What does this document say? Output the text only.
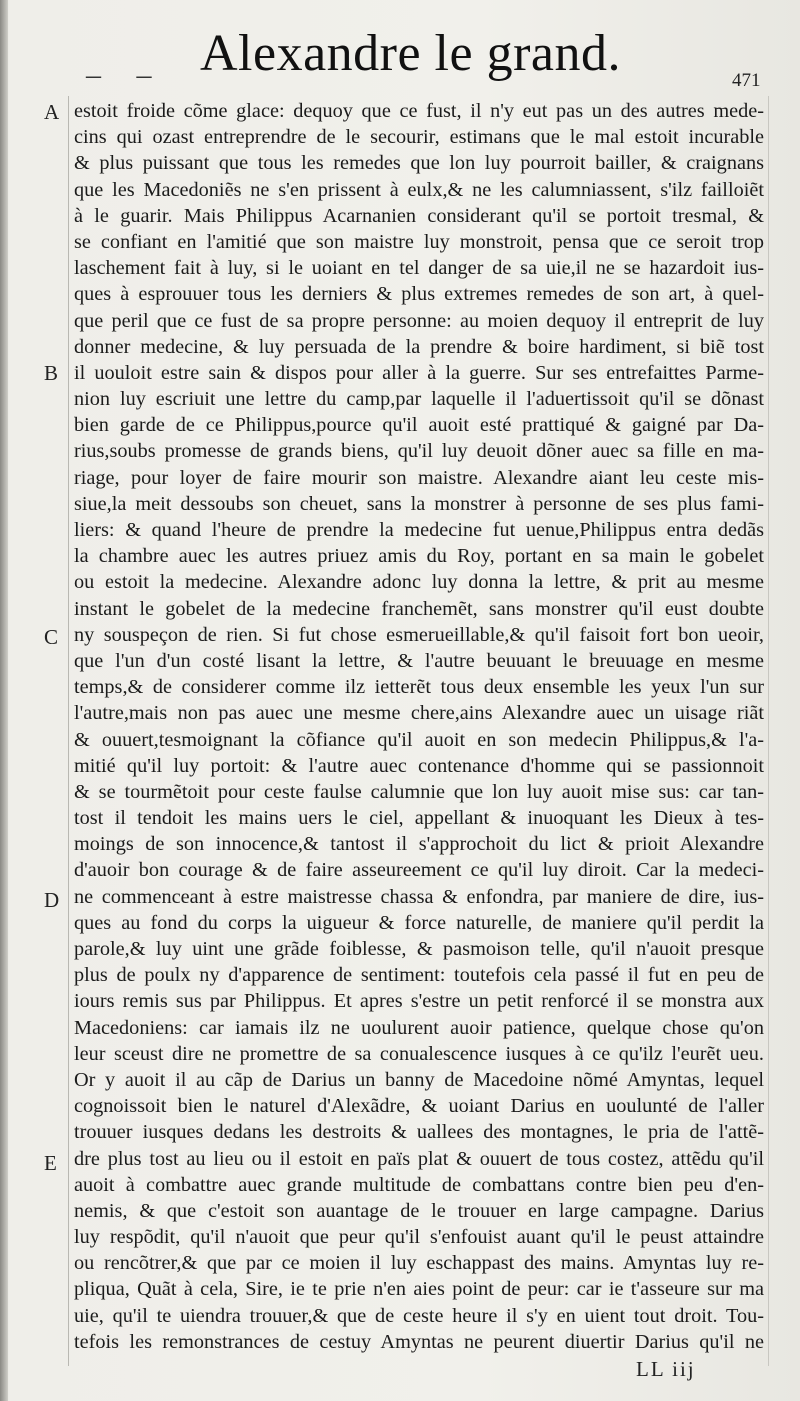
– – Alexandre le grand.	471
A
B
C
D
E
estoit froide cõme glace: dequoy que ce fust, il n'y eut pas un des autres mede-
cins qui ozast entreprendre de le secourir, estimans que le mal estoit incurable
& plus puissant que tous les remedes que lon luy pourroit bailler, & craignans
que les Macedoniẽs ne s'en prissent à eulx,& ne les calumniassent, s'ilz failloiẽt
à le guarir. Mais Philippus Acarnanien considerant qu'il se portoit tresmal, &
se confiant en l'amitié que son maistre luy monstroit, pensa que ce seroit trop
laschement fait à luy, si le uoiant en tel danger de sa uie,il ne se hazardoit ius-
ques à esprouuer tous les derniers & plus extremes remedes de son art, à quel-
que peril que ce fust de sa propre personne: au moien dequoy il entreprit de luy
donner medecine, & luy persuada de la prendre & boire hardiment, si biẽ tost
il uouloit estre sain & dispos pour aller à la guerre. Sur ses entrefaittes Parme-
nion luy escriuit une lettre du camp,par laquelle il l'aduertissoit qu'il se dõnast
bien garde de ce Philippus,pource qu'il auoit esté prattiqué & gaigné par Da-
rius,soubs promesse de grands biens, qu'il luy deuoit dõner auec sa fille en ma-
riage, pour loyer de faire mourir son maistre. Alexandre aiant leu ceste mis-
siue,la meit dessoubs son cheuet, sans la monstrer à personne de ses plus fami-
liers: & quand l'heure de prendre la medecine fut uenue,Philippus entra dedãs
la chambre auec les autres priuez amis du Roy, portant en sa main le gobelet
ou estoit la medecine. Alexandre adonc luy donna la lettre, & prit au mesme
instant le gobelet de la medecine franchemẽt, sans monstrer qu'il eust doubte
ny souspeçon de rien. Si fut chose esmerueillable,& qu'il faisoit fort bon ueoir,
que l'un d'un costé lisant la lettre, & l'autre beuuant le breuuage en mesme
temps,& de considerer comme ilz ietterẽt tous deux ensemble les yeux l'un sur
l'autre,mais non pas auec une mesme chere,ains Alexandre auec un uisage riãt
& ouuert,tesmoignant la cõfiance qu'il auoit en son medecin Philippus,& l'a-
mitié qu'il luy portoit: & l'autre auec contenance d'homme qui se passionnoit
& se tourmẽtoit pour ceste faulse calumnie que lon luy auoit mise sus: car tan-
tost il tendoit les mains uers le ciel, appellant & inuoquant les Dieux à tes-
moings de son innocence,& tantost il s'approchoit du lict & prioit Alexandre
d'auoir bon courage & de faire asseureement ce qu'il luy diroit. Car la medeci-
ne commenceant à estre maistresse chassa & enfondra, par maniere de dire, ius-
ques au fond du corps la uigueur & force naturelle, de maniere qu'il perdit la
parole,& luy uint une grãde foiblesse, & pasmoison telle, qu'il n'auoit presque
plus de poulx ny d'apparence de sentiment: toutefois cela passé il fut en peu de
iours remis sus par Philippus. Et apres s'estre un petit renforcé il se monstra aux
Macedoniens: car iamais ilz ne uoulurent auoir patience, quelque chose qu'on
leur sceust dire ne promettre de sa conualescence iusques à ce qu'ilz l'eurẽt ueu.
Or y auoit il au cãp de Darius un banny de Macedoine nõmé Amyntas, lequel
cognoissoit bien le naturel d'Alexãdre, & uoiant Darius en uoulunté de l'aller
trouuer iusques dedans les destroits & uallees des montagnes, le pria de l'attẽ-
dre plus tost au lieu ou il estoit en païs plat & ouuert de tous costez, attẽdu qu'il
auoit à combattre auec grande multitude de combattans contre bien peu d'en-
nemis, & que c'estoit son auantage de le trouuer en large campagne. Darius
luy respõdit, qu'il n'auoit que peur qu'il s'enfouist auant qu'il le peust attaindre
ou rencõtrer,& que par ce moien il luy eschappast des mains. Amyntas luy re-
pliqua, Quãt à cela, Sire, ie te prie n'en aies point de peur: car ie t'asseure sur ma
uie, qu'il te uiendra trouuer,& que de ceste heure il s'y en uient tout droit. Tou-
tefois les remonstrances de cestuy Amyntas ne peurent diuertir Darius qu'il ne
LL iij
